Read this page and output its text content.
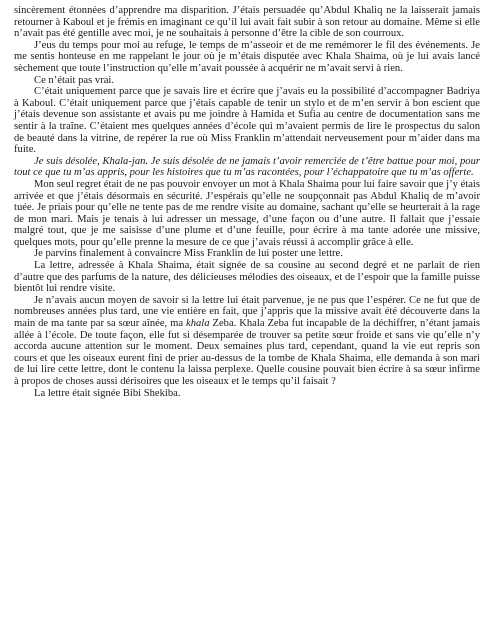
sincèrement étonnées d’apprendre ma disparition. J’étais persuadée qu’Abdul Khaliq ne la laisserait jamais retourner à Kaboul et je frémis en imaginant ce qu’il lui avait fait subir à son retour au domaine. Même si elle n’avait pas été gentille avec moi, je ne souhaitais à personne d’être la cible de son courroux.

J’eus du temps pour moi au refuge, le temps de m’asseoir et de me remémorer le fil des événements. Je me sentis honteuse en me rappelant le jour où je m’étais disputée avec Khala Shaima, où je lui avais lancé sèchement que toute l’instruction qu’elle m’avait poussée à acquérir ne m’avait servi à rien.

Ce n’était pas vrai.

C’était uniquement parce que je savais lire et écrire que j’avais eu la possibilité d’accompagner Badriya à Kaboul. C’était uniquement parce que j’étais capable de tenir un stylo et de m’en servir à bon escient que j’étais devenue son assistante et avais pu me joindre à Hamida et Sufia au centre de documentation sans me sentir à la traîne. C’étaient mes quelques années d’école qui m’avaient permis de lire le prospectus du salon de beauté dans la vitrine, de repérer la rue où Miss Franklin m’attendait nerveusement pour m’aider dans ma fuite.

Je suis désolée, Khala-jan. Je suis désolée de ne jamais t’avoir remerciée de t’être battue pour moi, pour tout ce que tu m’as appris, pour les histoires que tu m’as racontées, pour l’échappatoire que tu m’as offerte.

Mon seul regret était de ne pas pouvoir envoyer un mot à Khala Shaima pour lui faire savoir que j’y étais arrivée et que j’étais désormais en sécurité. J’espérais qu’elle ne soupçonnait pas Abdul Khaliq de m’avoir tuée. Je priais pour qu’elle ne tente pas de me rendre visite au domaine, sachant qu’elle se heurterait à la rage de mon mari. Mais je tenais à lui adresser un message, d’une façon ou d’une autre. Il fallait que j’essaie malgré tout, que je me saisisse d’une plume et d’une feuille, pour écrire à ma tante adorée une missive, quelques mots, pour qu’elle prenne la mesure de ce que j’avais réussi à accomplir grâce à elle.

Je parvins finalement à convaincre Miss Franklin de lui poster une lettre.

La lettre, adressée à Khala Shaima, était signée de sa cousine au second degré et ne parlait de rien d’autre que des parfums de la nature, des délicieuses mélodies des oiseaux, et de l’espoir que la famille puisse bientôt lui rendre visite.

Je n’avais aucun moyen de savoir si la lettre lui était parvenue, je ne pus que l’espérer. Ce ne fut que de nombreuses années plus tard, une vie entière en fait, que j’appris que la missive avait été découverte dans la main de ma tante par sa sœur aînée, ma khala Zeba. Khala Zeba fut incapable de la déchiffrer, n’étant jamais allée à l’école. De toute façon, elle fut si désemparée de trouver sa petite sœur froide et sans vie qu’elle n’y accorda aucune attention sur le moment. Deux semaines plus tard, cependant, quand la vie eut repris son cours et que les oiseaux eurent fini de prier au-dessus de la tombe de Khala Shaima, elle demanda à son mari de lui lire cette lettre, dont le contenu la laissa perplexe. Quelle cousine pouvait bien écrire à sa sœur infirme à propos de choses aussi dérisoires que les oiseaux et le temps qu’il faisait ?

La lettre était signée Bibi Shekiba.
